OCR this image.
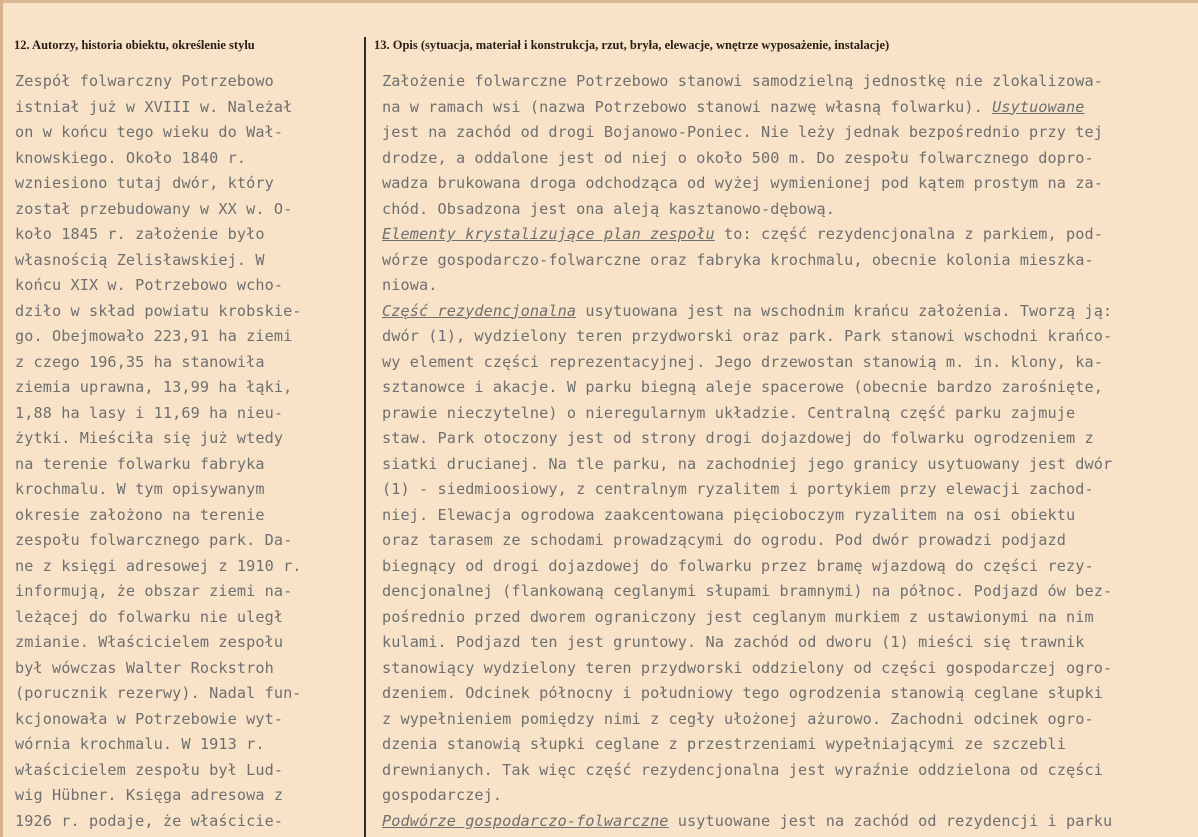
12. Autorzy, historia obiektu, określenie stylu	13. Opis (sytuacja, materiał i konstrukcja, rzut, bryła, elewacje, wnętrze wyposażenie, instalacje)
Zespół folwarczny Potrzebowo
istniał już w XVIII w. Należał
on w końcu tego wieku do Wał-
knowskiego. Około 1840 r.
wzniesiono tutaj dwór, który
został przebudowany w XX w. O-
koło 1845 r. założenie było
własnością Zelisławskiej. W
końcu XIX w. Potrzebowo wcho-
dziło w skład powiatu krobskie-
go. Obejmowało 223,91 ha ziemi
z czego 196,35 ha stanowiła
ziemia uprawna, 13,99 ha łąki,
1,88 ha lasy i 11,69 ha nieu-
żytki. Mieściła się już wtedy
na terenie folwarku fabryka
krochmalu. W tym opisywanym
okresie założono na terenie
zespołu folwarcznego park. Da-
ne z księgi adresowej z 1910 r.
informują, że obszar ziemi na-
leżącej do folwarku nie uległ
zmianie. Właścicielem zespołu
był wówczas Walter Rockstroh
(porucznik rezerwy). Nadal fun-
kcjonowała w Potrzebowie wyt-
wórnia krochmalu. W 1913 r.
właścicielem zespołu był Lud-
wig Hübner. Księga adresowa z
1926 r. podaje, że właścicie-

Założenie folwarczne Potrzebowo stanowi samodzielną jednostkę nie zlokalizowa-
na w ramach wsi (nazwa Potrzebowo stanowi nazwę własną folwarku). Usytuowane
jest na zachód od drogi Bojanowo-Poniec. Nie leży jednak bezpośrednio przy tej
drodze, a oddalone jest od niej o około 500 m. Do zespołu folwarcznego dopro-
wadza brukowana droga odchodząca od wyżej wymienionej pod kątem prostym na za-
chód. Obsadzona jest ona aleją kasztanowo-dębową.
Elementy krystalizujące plan zespołu to: część rezydencjonalna z parkiem, pod-
wórze gospodarczo-folwarczne oraz fabryka krochmalu, obecnie kolonia mieszka-
niowa.
Część rezydencjonalna usytuowana jest na wschodnim krańcu założenia. Tworzą ją:
dwór (1), wydzielony teren przydworski oraz park. Park stanowi wschodni krańco-
wy element części reprezentacyjnej. Jego drzewostan stanowią m. in. klony, ka-
sztanowce i akacje. W parku biegną aleje spacerowe (obecnie bardzo zarośnięte,
prawie nieczytelne) o nieregularnym układzie. Centralną część parku zajmuje
staw. Park otoczony jest od strony drogi dojazdowej do folwarku ogrodzeniem z
siatki drucianej. Na tle parku, na zachodniej jego granicy usytuowany jest dwór
(1) - siedmioosiowy, z centralnym ryzalitem i portykiem przy elewacji zachod-
niej. Elewacja ogrodowa zaakcentowana pięcioboczym ryzalitem na osi obiektu
oraz tarasem ze schodami prowadzącymi do ogrodu. Pod dwór prowadzi podjazd
biegnący od drogi dojazdowej do folwarku przez bramę wjazdową do części rezy-
dencjonalnej (flankowaną ceglanymi słupami bramnymi) na północ. Podjazd ów bez-
pośrednio przed dworem ograniczony jest ceglanym murkiem z ustawionymi na nim
kulami. Podjazd ten jest gruntowy. Na zachód od dworu (1) mieści się trawnik
stanowiący wydzielony teren przydworski oddzielony od części gospodarczej ogro-
dzeniem. Odcinek północny i południowy tego ogrodzenia stanowią ceglane słupki
z wypełnieniem pomiędzy nimi z cegły ułożonej ażurowo. Zachodni odcinek ogro-
dzenia stanowią słupki ceglane z przestrzeniami wypełniającymi ze szczebli
drewnianych. Tak więc część rezydencjonalna jest wyraźnie oddzielona od części
gospodarczej.
Podwórze gospodarczo-folwarczne usytuowane jest na zachód od rezydencji i parku
